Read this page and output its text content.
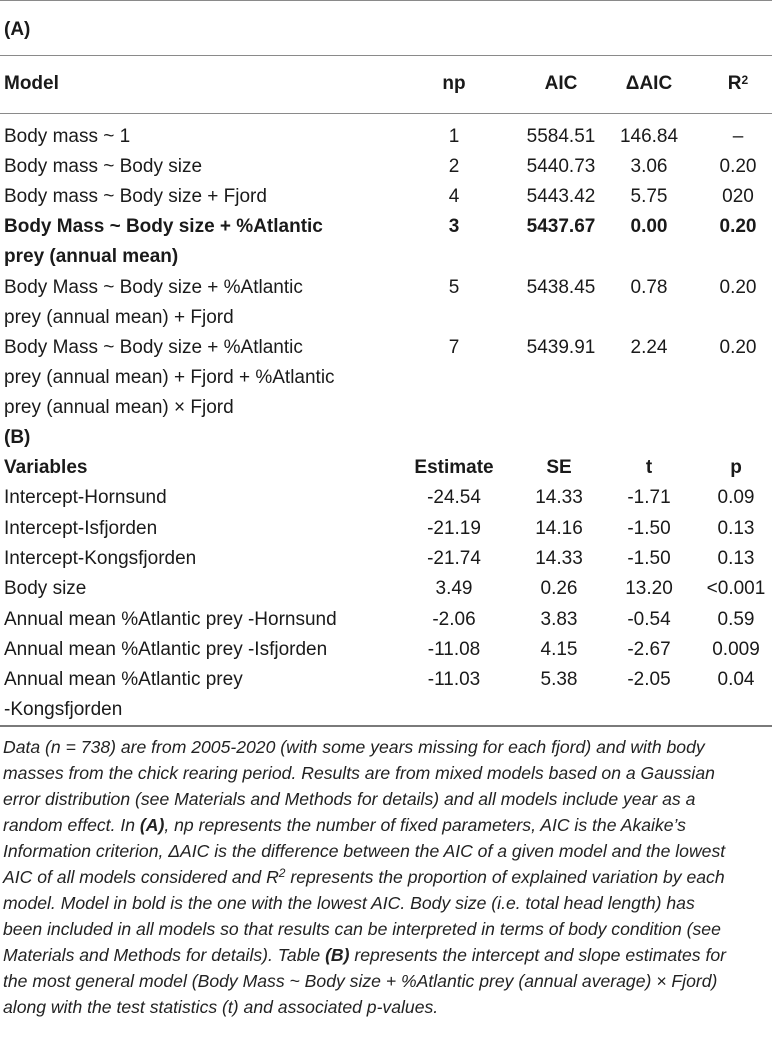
(A)
Model	np	AIC	ΔAIC	$R^2$
Body mass ~ 1	1	5584.51 146.84	–
Body mass ~ Body size	2	5440.73 3.06	0.20
Body mass ~ Body size + Fjord	4	5443.42 5.75	020
Body Mass ~ Body size + %Atlantic
prey (annual mean)
3	5437.67 0.00	0.20
Body Mass ~ Body size + %Atlantic
prey (annual mean) + Fjord
5	5438.45 0.78	0.20
Body Mass ~ Body size + %Atlantic
prey (annual mean) + Fjord + %Atlantic
prey (annual mean) × Fjord
7	5439.91 2.24	0.20
(B)
Variables	Estimate	SE	t	p
Intercept-Hornsund	-24.54	14.33 -1.71 0.09
Intercept-Isfjorden	-21.19	14.16 -1.50 0.13
Intercept-Kongsfjorden	-21.74	14.33 -1.50 0.13
Body size	3.49	0.26	13.20 <0.001
Annual mean %Atlantic prey -Hornsund	-2.06	3.83	-0.54 0.59
Annual mean %Atlantic prey -Isfjorden	-11.08	4.15	-2.67 0.009
Annual mean %Atlantic prey
-Kongsfjorden
-11.03	5.38	-2.05 0.04
Data (n = 738) are from 2005-2020 (with some years missing for each fjord) and with body
masses from the chick rearing period. Results are from mixed models based on a Gaussian
error distribution (see Materials and Methods for details) and all models include year as a
random effect. In (A), np represents the number of fixed parameters, AIC is the Akaike’s
Information criterion, ΔAIC is the difference between the AIC of a given model and the lowest
AIC of all models considered and $R^2$ represents the proportion of explained variation by each
model. Model in bold is the one with the lowest AIC. Body size (i.e. total head length) has
been included in all models so that results can be interpreted in terms of body condition (see
Materials and Methods for details). Table (B) represents the intercept and slope estimates for
the most general model (Body Mass ~ Body size + %Atlantic prey (annual average) × Fjord)
along with the test statistics (t) and associated p-values.
